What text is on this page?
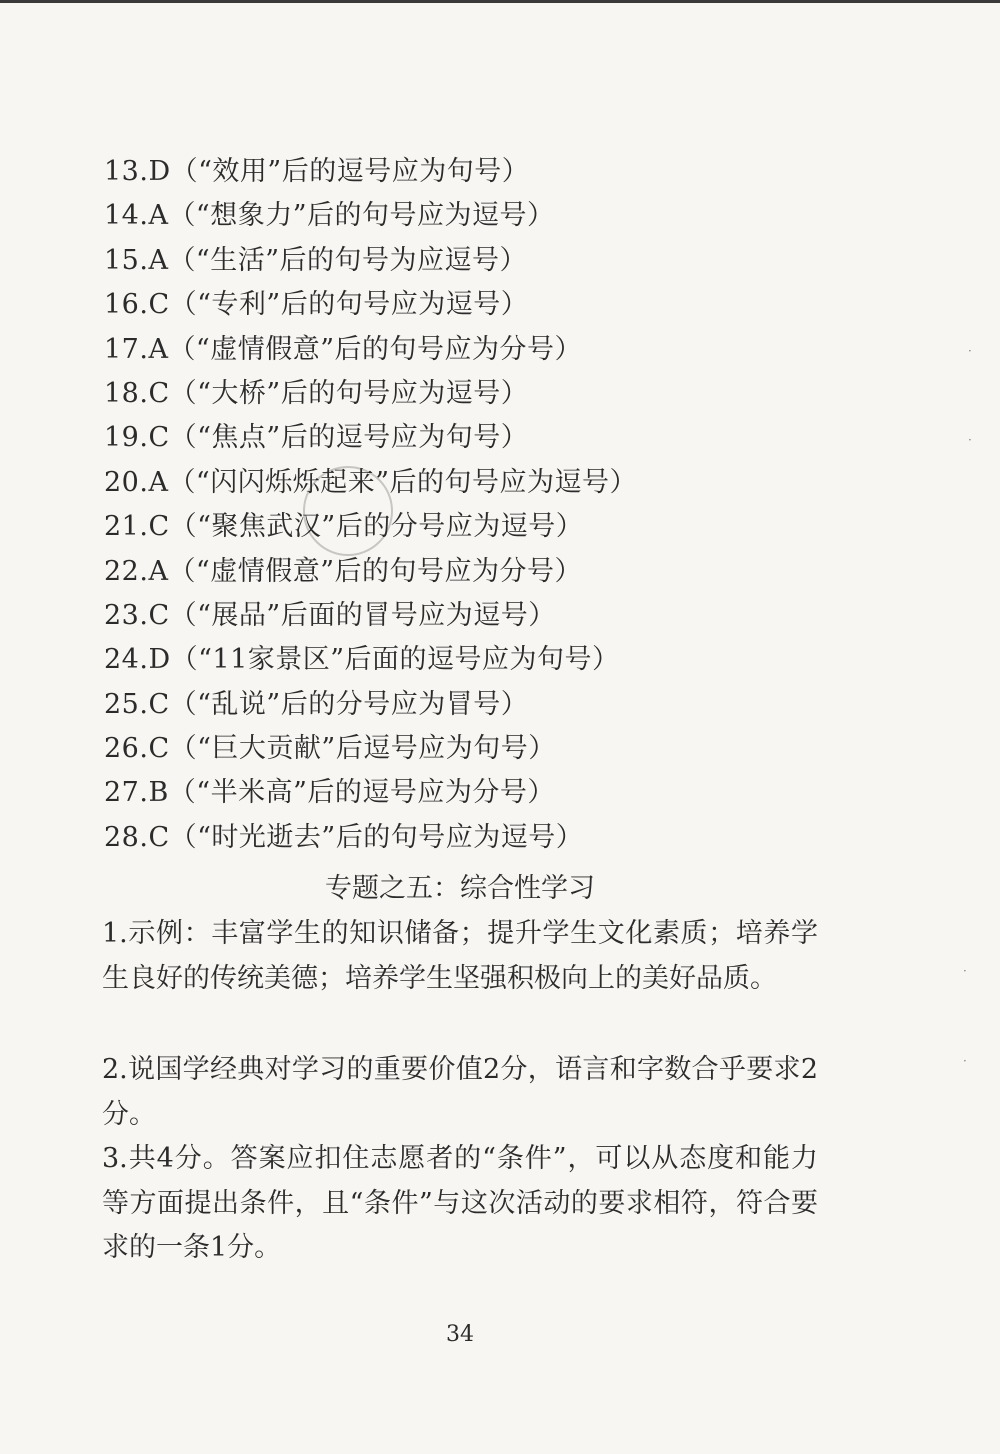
13.D（“效用”后的逗号应为句号）
14.A（“想象力”后的句号应为逗号）
15.A（“生活”后的句号为应逗号）
16.C（“专利”后的句号应为逗号）
17.A（“虚情假意”后的句号应为分号）
18.C（“大桥”后的句号应为逗号）
19.C（“焦点”后的逗号应为句号）
20.A（“闪闪烁烁起来”后的句号应为逗号）
21.C（“聚焦武汉”后的分号应为逗号）
22.A（“虚情假意”后的句号应为分号）
23.C（“展品”后面的冒号应为逗号）
24.D（“11家景区”后面的逗号应为句号）
25.C（“乱说”后的分号应为冒号）
26.C（“巨大贡献”后逗号应为句号）
27.B（“半米高”后的逗号应为分号）
28.C（“时光逝去”后的句号应为逗号）
专题之五：综合性学习
1.示例：丰富学生的知识储备；提升学生文化素质；培养学生良好的传统美德；培养学生坚强积极向上的美好品质。
2.说国学经典对学习的重要价值2分，语言和字数合乎要求2分。
3.共4分。答案应扣住志愿者的“条件”，可以从态度和能力等方面提出条件，且“条件”与这次活动的要求相符，符合要求的一条1分。
34
·
·
·
·
